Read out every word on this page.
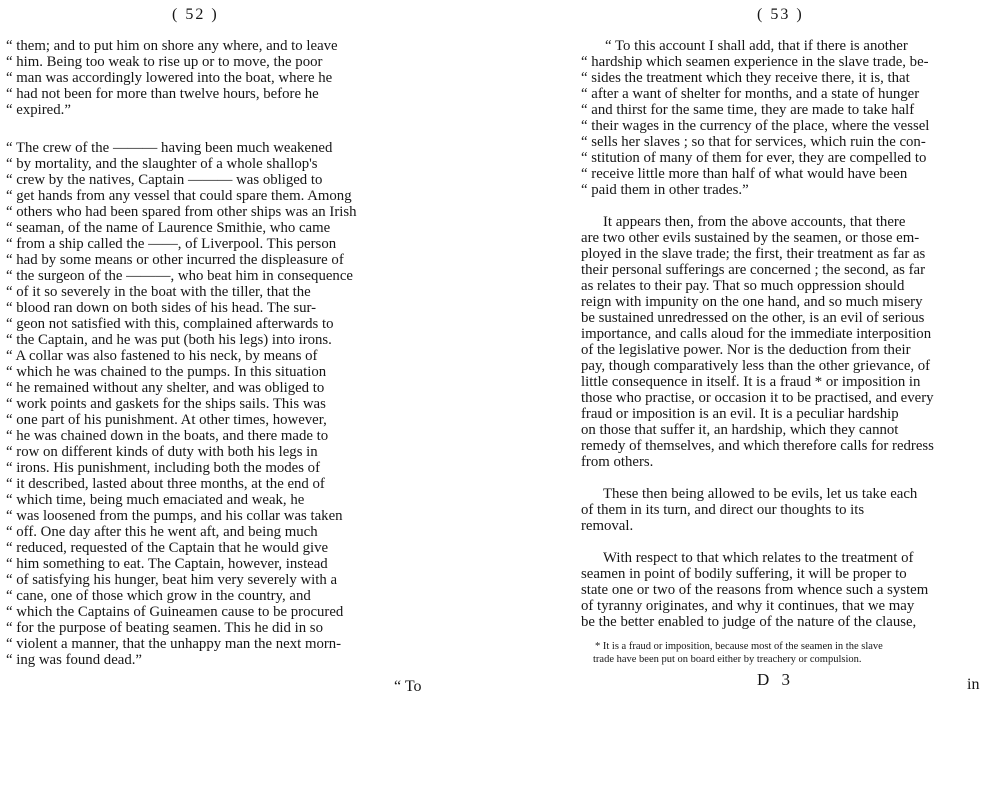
( 52 )
“ them; and to put him on shore any where, and to leave
“ him. Being too weak to rise up or to move, the poor
“ man was accordingly lowered into the boat, where he
“ had not been for more than twelve hours, before he
“ expired.”
“ The crew of the ——— having been much weakened
“ by mortality, and the slaughter of a whole shallop's
“ crew by the natives, Captain ——— was obliged to
“ get hands from any vessel that could spare them. Among
“ others who had been spared from other ships was an Irish
“ seaman, of the name of Laurence Smithie, who came
“ from a ship called the ——, of Liverpool. This person
“ had by some means or other incurred the displeasure of
“ the surgeon of the ———, who beat him in consequence
“ of it so severely in the boat with the tiller, that the
“ blood ran down on both sides of his head. The sur-
“ geon not satisfied with this, complained afterwards to
“ the Captain, and he was put (both his legs) into irons.
“ A collar was also fastened to his neck, by means of
“ which he was chained to the pumps. In this situation
“ he remained without any shelter, and was obliged to
“ work points and gaskets for the ships sails. This was
“ one part of his punishment. At other times, however,
“ he was chained down in the boats, and there made to
“ row on different kinds of duty with both his legs in
“ irons. His punishment, including both the modes of
“ it described, lasted about three months, at the end of
“ which time, being much emaciated and weak, he
“ was loosened from the pumps, and his collar was taken
“ off. One day after this he went aft, and being much
“ reduced, requested of the Captain that he would give
“ him something to eat. The Captain, however, instead
“ of satisfying his hunger, beat him very severely with a
“ cane, one of those which grow in the country, and
“ which the Captains of Guineamen cause to be procured
“ for the purpose of beating seamen. This he did in so
“ violent a manner, that the unhappy man the next morn-
“ ing was found dead.”
“ To
( 53 )
“ To this account I shall add, that if there is another
“ hardship which seamen experience in the slave trade, be-
“ sides the treatment which they receive there, it is, that
“ after a want of shelter for months, and a state of hunger
“ and thirst for the same time, they are made to take half
“ their wages in the currency of the place, where the vessel
“ sells her slaves ; so that for services, which ruin the con-
“ stitution of many of them for ever, they are compelled to
“ receive little more than half of what would have been
“ paid them in other trades.”
It appears then, from the above accounts, that there
are two other evils sustained by the seamen, or those em-
ployed in the slave trade; the first, their treatment as far as
their personal sufferings are concerned ; the second, as far
as relates to their pay. That so much oppression should
reign with impunity on the one hand, and so much misery
be sustained unredressed on the other, is an evil of serious
importance, and calls aloud for the immediate interposition
of the legislative power. Nor is the deduction from their
pay, though comparatively less than the other grievance, of
little consequence in itself. It is a fraud * or imposition in
those who practise, or occasion it to be practised, and every
fraud or imposition is an evil. It is a peculiar hardship
on those that suffer it, an hardship, which they cannot
remedy of themselves, and which therefore calls for redress
from others.
These then being allowed to be evils, let us take each
of them in its turn, and direct our thoughts to its
removal.
With respect to that which relates to the treatment of
seamen in point of bodily suffering, it will be proper to
state one or two of the reasons from whence such a system
of tyranny originates, and why it continues, that we may
be the better enabled to judge of the nature of the clause,
* It is a fraud or imposition, because most of the seamen in the slave
trade have been put on board either by treachery or compulsion.
D 3	in
